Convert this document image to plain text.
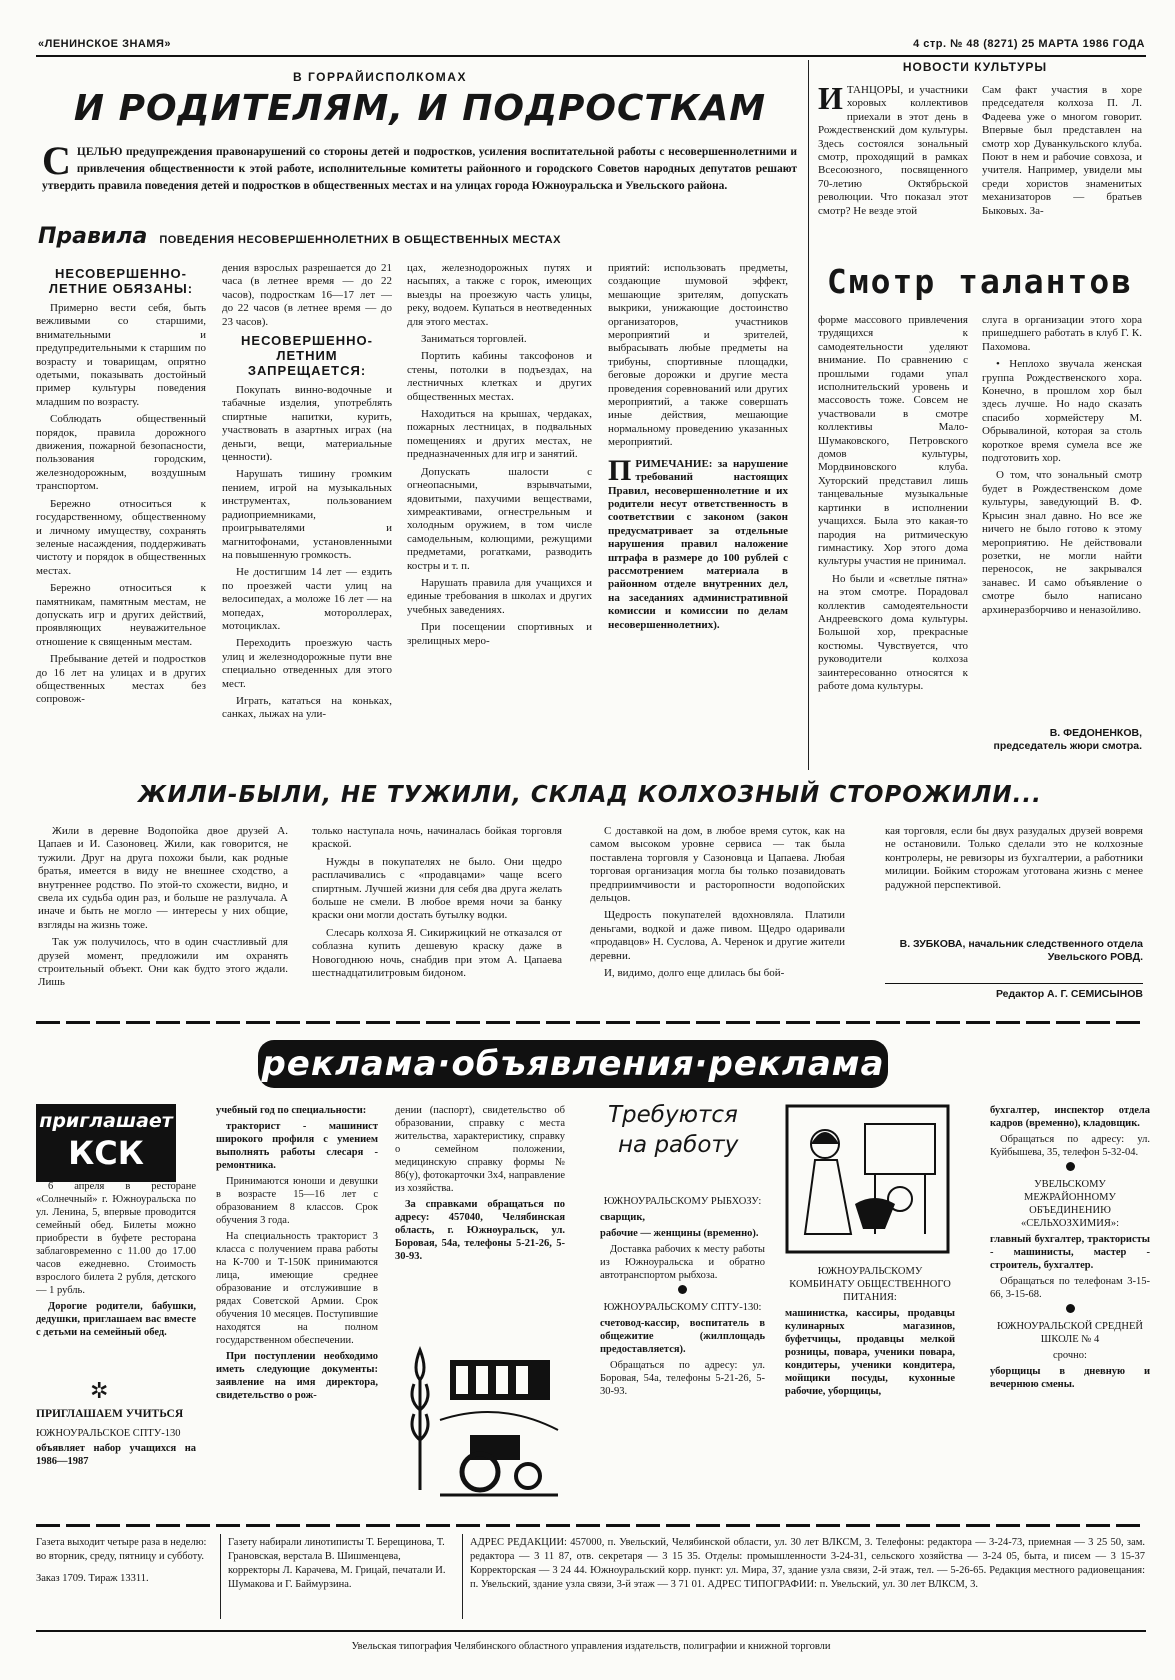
«ЛЕНИНСКОЕ ЗНАМЯ»	4 стр. № 48 (8271) 25 МАРТА 1986 ГОДА
В ГОРРАЙИСПОЛКОМАХ
И РОДИТЕЛЯМ, И ПОДРОСТКАМ
С ЦЕЛЬЮ предупреждения правонарушений со стороны детей и подростков, усиления воспитательной работы с несовершеннолетними и привлечения общественности к этой работе, исполнительные комитеты районного и городского Советов народных депутатов решают утвердить правила поведения детей и подростков в общественных местах и на улицах города Южноуральска и Увельского района.
Правила ПОВЕДЕНИЯ НЕСОВЕРШЕННОЛЕТНИХ В ОБЩЕСТВЕННЫХ МЕСТАХ
НЕСОВЕРШЕННО-ЛЕТНИЕ ОБЯЗАНЫ:

Примерно вести себя, быть вежливыми со старшими, внимательными и предупредительными к старшим по возрасту и товарищам, опрятно одетыми, показывать достойный пример культуры поведения младшим по возрасту.

Соблюдать общественный порядок, правила дорожного движения, пожарной безопасности, пользования городским, железнодорожным, воздушным транспортом.

Бережно относиться к государственному, общественному и личному имуществу, сохранять зеленые насаждения, поддерживать чистоту и порядок в общественных местах.

Бережно относиться к памятникам, памятным местам, не допускать игр и других действий, проявляющих неуважительное отношение к священным местам.

Пребывание детей и подростков до 16 лет на улицах и в других общественных местах без сопровож-

дения взрослых разрешается до 21 часа (в летнее время — до 22 часов), подросткам 16—17 лет — до 22 часов (в летнее время — до 23 часов).

НЕСОВЕРШЕННО-ЛЕТНИМ ЗАПРЕЩАЕТСЯ:

Покупать винно-водочные и табачные изделия, употреблять спиртные напитки, курить, участвовать в азартных играх (на деньги, вещи, материальные ценности).

Нарушать тишину громким пением, игрой на музыкальных инструментах, пользованием радиоприемниками, проигрывателями и магнитофонами, установленными на повышенную громкость.

Не достигшим 14 лет — ездить по проезжей части улиц на велосипедах, а моложе 16 лет — на мопедах, мотороллерах, мотоциклах.

Переходить проезжую часть улиц и железнодорожные пути вне специально отведенных для этого мест.

Играть, кататься на коньках, санках, лыжах на ули-

цах, железнодорожных путях и насыпях, а также с горок, имеющих выезды на проезжую часть улицы, реку, водоем. Купаться в неотведенных для этого местах.

Заниматься торговлей.

Портить кабины таксофонов и стены, потолки в подъездах, на лестничных клетках и других общественных местах.

Находиться на крышах, чердаках, пожарных лестницах, в подвальных помещениях и других местах, не предназначенных для игр и занятий.

Допускать шалости с огнеопасными, взрывчатыми, ядовитыми, пахучими веществами, химреактивами, огнестрельным и холодным оружием, в том числе самодельным, колющими, режущими предметами, рогатками, разводить костры и т. п.

Нарушать правила для учащихся и единые требования в школах и других учебных заведениях.

При посещении спортивных и зрелищных меро-

приятий: использовать предметы, создающие шумовой эффект, мешающие зрителям, допускать выкрики, унижающие достоинство организаторов, участников мероприятий и зрителей, выбрасывать любые предметы на трибуны, спортивные площадки, беговые дорожки и другие места проведения соревнований или других мероприятий, а также совершать иные действия, мешающие нормальному проведению указанных мероприятий.

П РИМЕЧАНИЕ: за нарушение требований настоящих Правил, несовершеннолетние и их родители несут ответственность в соответствии с законом (закон предусматривает за отдельные нарушения правил наложение штрафа в размере до 100 рублей с рассмотрением материала в районном отделе внутренних дел, на заседаниях административной комиссии и комиссии по делам несовершеннолетних).
НОВОСТИ КУЛЬТУРЫ
И ТАНЦОРЫ, и участники хоровых коллективов приехали в этот день в Рождественский дом культуры. Здесь состоялся зональный смотр, проходящий в рамках Всесоюзного, посвященного 70-летию Октябрьской революции. Что показал этот смотр? Не везде этой
Сам факт участия в хоре председателя колхоза П. Л. Фадеева уже о многом говорит. Впервые был представлен на смотр хор Дуванкульского клуба. Поют в нем и рабочие совхоза, и учителя. Например, увидели мы среди хористов знаменитых механизаторов — братьев Быковых. За-
Смотр талантов

форме массового привлечения трудящихся к самодеятельности уделяют внимание. По сравнению с прошлыми годами упал исполнительский уровень и массовость тоже. Совсем не участвовали в смотре коллективы Мало-Шумаковского, Петровского домов культуры, Мордвиновского клуба. Хуторский представил лишь танцевальные музыкальные картинки в исполнении учащихся. Была это какая-то пародия на ритмическую гимнастику. Хор этого дома культуры участия не принимал.

Но были и «светлые пятна» на этом смотре. Порадовал коллектив самодеятельности Андреевского дома культуры. Большой хор, прекрасные костюмы. Чувствуется, что руководители колхоза заинтересованно относятся к работе дома культуры.

слуга в организации этого хора пришедшего работать в клуб Г. К. Пахомова.

• Неплохо звучала женская группа Рождественского хора. Конечно, в прошлом хор был здесь лучше. Но надо сказать спасибо хормейстеру М. Обрывалиной, которая за столь короткое время сумела все же подготовить хор.

О том, что зональный смотр будет в Рождественском доме культуры, заведующий В. Ф. Крысин знал давно. Но все же ничего не было готово к этому мероприятию. Не действовали розетки, не могли найти переносок, не закрывался занавес. И само объявление о смотре было написано архинеразборчиво и неназойливо.

В. ФЕДОНЕНКОВ, председатель жюри смотра.
ЖИЛИ-БЫЛИ, НЕ ТУЖИЛИ, СКЛАД КОЛХОЗНЫЙ СТОРОЖИЛИ...

Жили в деревне Водопойка двое друзей А. Цапаев и И. Сазоновец. Жили, как говорится, не тужили. Друг на друга похожи были, как родные братья, имеется в виду не внешнее сходство, а внутреннее родство. По этой-то схожести, видно, и свела их судьба один раз, и больше не разлучала. А иначе и быть не могло — интересы у них общие, взгляды на жизнь тоже.

Так уж получилось, что в один счастливый для друзей момент, предложили им охранять строительный объект. Они как будто этого ждали. Лишь

только наступала ночь, начиналась бойкая торговля краской.

Нужды в покупателях не было. Они щедро расплачивались с «продавцами» чаще всего спиртным. Лучшей жизни для себя два друга желать больше не смели. В любое время ночи за банку краски они могли достать бутылку водки.

Слесарь колхоза Я. Сикиржицкий не отказался от соблазна купить дешевую краску даже в Новогоднюю ночь, снабдив при этом А. Цапаева шестнадцатилитровым бидоном.

С доставкой на дом, в любое время суток, как на самом высоком уровне сервиса — так была поставлена торговля у Сазоновца и Цапаева. Любая торговая организация могла бы только позавидовать предприимчивости и расторопности водопойских дельцов.

Щедрость покупателей вдохновляла. Платили деньгами, водкой и даже пивом. Щедро одаривали «продавцов» Н. Суслова, А. Черенок и другие жители деревни.

И, видимо, долго еще длилась бы бой-

кая торговля, если бы двух разудалых друзей вовремя не остановили. Только сделали это не колхозные контролеры, не ревизоры из бухгалтерии, а работники милиции. Бойким сторожам уготована жизнь с менее радужной перспективой.

В. ЗУБКОВА, начальник следственного отдела Увельского РОВД.
Редактор А. Г. СЕМИСЫНОВ
реклама·объявления·реклама
приглашает
КСК

6 апреля в ресторане «Солнечный» г. Южноуральска по ул. Ленина, 5, впервые проводится семейный обед. Билеты можно приобрести в буфете ресторана заблаговременно с 11.00 до 17.00 часов ежедневно. Стоимость взрослого билета 2 рубля, детского — 1 рубль.

Дорогие родители, бабушки, дедушки, приглашаем вас вместе с детьми на семейный обед.

✲
ПРИГЛАШАЕМ УЧИТЬСЯ
ЮЖНОУРАЛЬСКОЕ СПТУ-130
объявляет набор учащихся на 1986—1987

учебный год по специальности:

тракторист - машинист широкого профиля с умением выполнять работы слесаря - ремонтника.

Принимаются юноши и девушки в возрасте 15—16 лет с образованием 8 классов. Срок обучения 3 года.

На специальность тракторист 3 класса с получением права работы на К-700 и Т-150К принимаются лица, имеющие среднее образование и отслужившие в рядах Советской Армии. Срок обучения 10 месяцев. Поступившие находятся на полном государственном обеспечении.

При поступлении необходимо иметь следующие документы: заявление на имя директора, свидетельство о рож-

дении (паспорт), свидетельство об образовании, справку с места жительства, характеристику, справку о семейном положении, медицинскую справку формы № 86(у), фотокарточки 3х4, направление из хозяйства.

За справками обращаться по адресу: 457040, Челябинская область, г. Южноуральск, ул. Боровая, 54а, телефоны 5-21-26, 5-30-93.

Требуются
на работу

ЮЖНОУРАЛЬСКОМУ РЫБХОЗУ:

сварщик,

рабочие — женщины (временно).

Доставка рабочих к месту работы из Южноуральска и обратно автотранспортом рыбхоза.

ЮЖНОУРАЛЬСКОМУ СПТУ-130:

счетовод-кассир, воспитатель в общежитие (жилплощадь предоставляется).

Обращаться по адресу: ул. Боровая, 54а, телефоны 5-21-26, 5-30-93.

ЮЖНОУРАЛЬСКОМУ КОМБИНАТУ ОБЩЕСТВЕННОГО ПИТАНИЯ:

машинистка, кассиры, продавцы кулинарных магазинов, буфетчицы, продавцы мелкой розницы, повара, ученики повара, кондитеры, ученики кондитера, мойщики посуды, кухонные рабочие, уборщицы,

бухгалтер, инспектор отдела кадров (временно), кладовщик.

Обращаться по адресу: ул. Куйбышева, 35, телефон 5-32-04.

УВЕЛЬСКОМУ МЕЖРАЙОННОМУ ОБЪЕДИНЕНИЮ «СЕЛЬХОЗХИМИЯ»:

главный бухгалтер, трактористы - машинисты, мастер - строитель, бухгалтер.

Обращаться по телефонам 3-15-66, 3-15-68.

ЮЖНОУРАЛЬСКОЙ СРЕДНЕЙ ШКОЛЕ № 4

срочно:

уборщицы в дневную и вечернюю смены.

Газета выходит четыре раза в неделю: во вторник, среду, пятницу и субботу.
Заказ 1709. Тираж 13311.
Газету набирали линотиписты Т. Берещинова, Т. Грановская, верстала В. Шишменцева, корректоры Л. Карачева, М. Грицай, печатали И. Шумакова и Г. Баймурзина.
АДРЕС РЕДАКЦИИ: 457000, п. Увельский, Челябинской области, ул. 30 лет ВЛКСМ, 3. Телефоны: редактора — 3-24-73, приемная — 3 25 50, зам. редактора — 3 11 87, отв. секретаря — 3 15 35. Отделы: промышленности 3-24-31, сельского хозяйства — 3-24 05, быта, и писем — 3 15-37 Корректорская — 3 24 44. Южноуральский корр. пункт: ул. Мира, 37, здание узла связи, 2-й этаж, тел. — 5-26-65. Редакция местного радиовещания: п. Увельский, здание узла связи, 3-й этаж — 3 71 01. АДРЕС ТИПОГРАФИИ: п. Увельский, ул. 30 лет ВЛКСМ, 3.
Увельская типография Челябинского областного управления издательств, полиграфии и книжной торговли
